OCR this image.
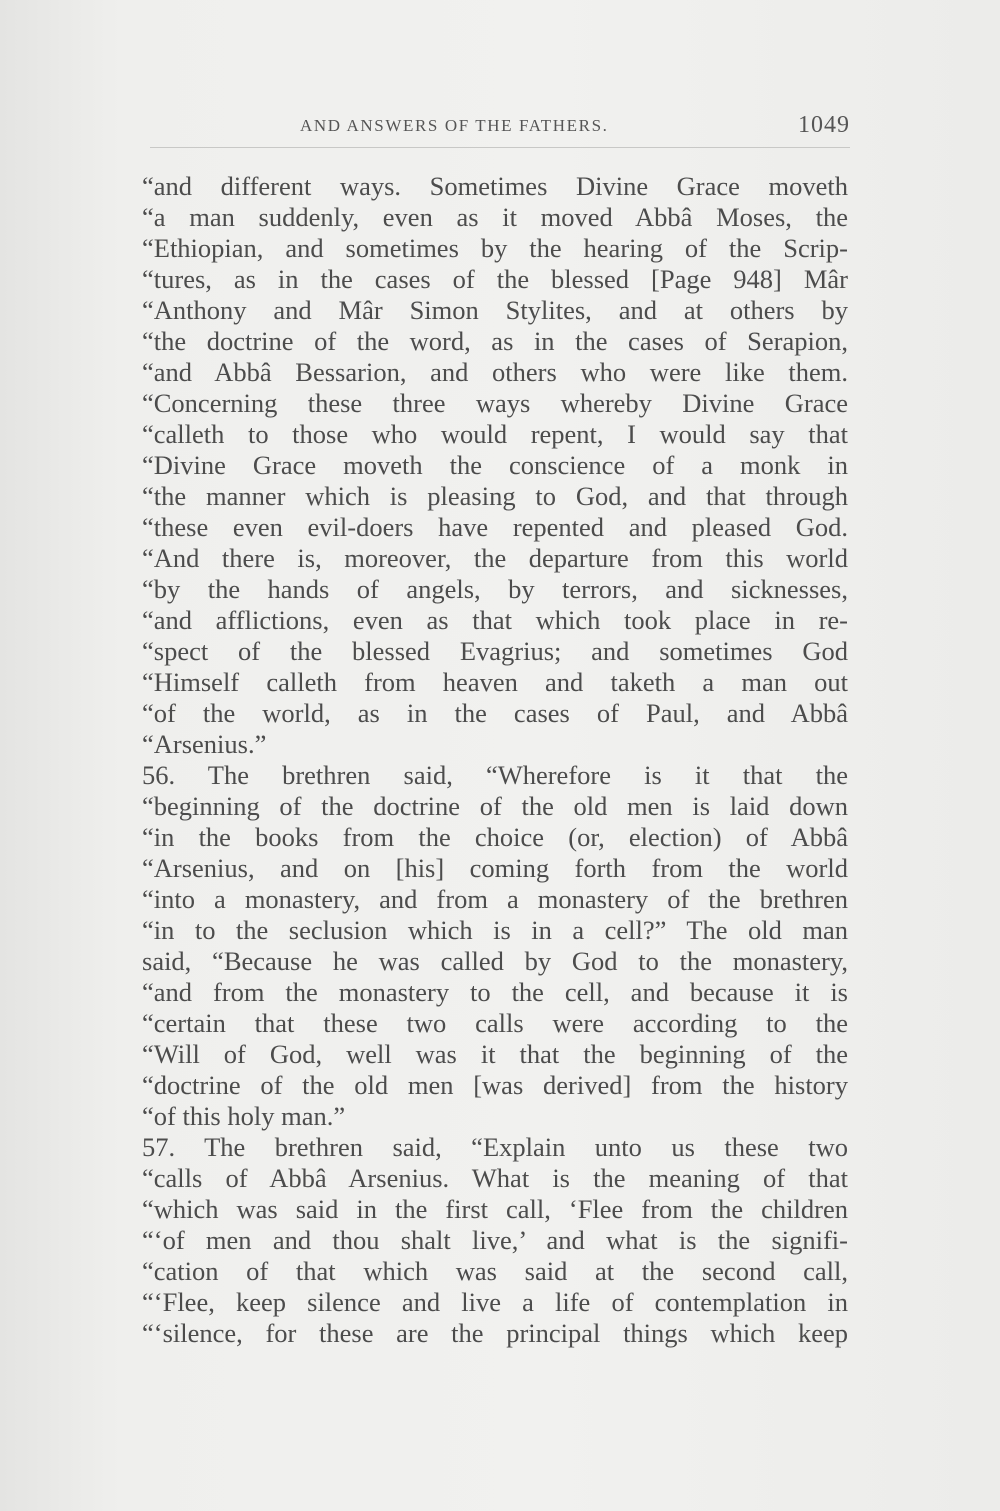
AND ANSWERS OF THE FATHERS.	1049
“and different ways. Sometimes Divine Grace moveth
“a man suddenly, even as it moved Abbâ Moses, the
“Ethiopian, and sometimes by the hearing of the Scrip-
“tures, as in the cases of the blessed [Page 948] Mâr
“Anthony and Mâr Simon Stylites, and at others by
“the doctrine of the word, as in the cases of Serapion,
“and Abbâ Bessarion, and others who were like them.
“Concerning these three ways whereby Divine Grace
“calleth to those who would repent, I would say that
“Divine Grace moveth the conscience of a monk in
“the manner which is pleasing to God, and that through
“these even evil-doers have repented and pleased God.
“And there is, moreover, the departure from this world
“by the hands of angels, by terrors, and sicknesses,
“and afflictions, even as that which took place in re-
“spect of the blessed Evagrius; and sometimes God
“Himself calleth from heaven and taketh a man out
“of the world, as in the cases of Paul, and Abbâ
“Arsenius.”
56. The brethren said, “Wherefore is it that the
“beginning of the doctrine of the old men is laid down
“in the books from the choice (or, election) of Abbâ
“Arsenius, and on [his] coming forth from the world
“into a monastery, and from a monastery of the brethren
“in to the seclusion which is in a cell?” The old man
said, “Because he was called by God to the monastery,
“and from the monastery to the cell, and because it is
“certain that these two calls were according to the
“Will of God, well was it that the beginning of the
“doctrine of the old men [was derived] from the history
“of this holy man.”
57. The brethren said, “Explain unto us these two
“calls of Abbâ Arsenius. What is the meaning of that
“which was said in the first call, ‘Flee from the children
“‘of men and thou shalt live,’ and what is the signifi-
“cation of that which was said at the second call,
“‘Flee, keep silence and live a life of contemplation in
“‘silence, for these are the principal things which keep
